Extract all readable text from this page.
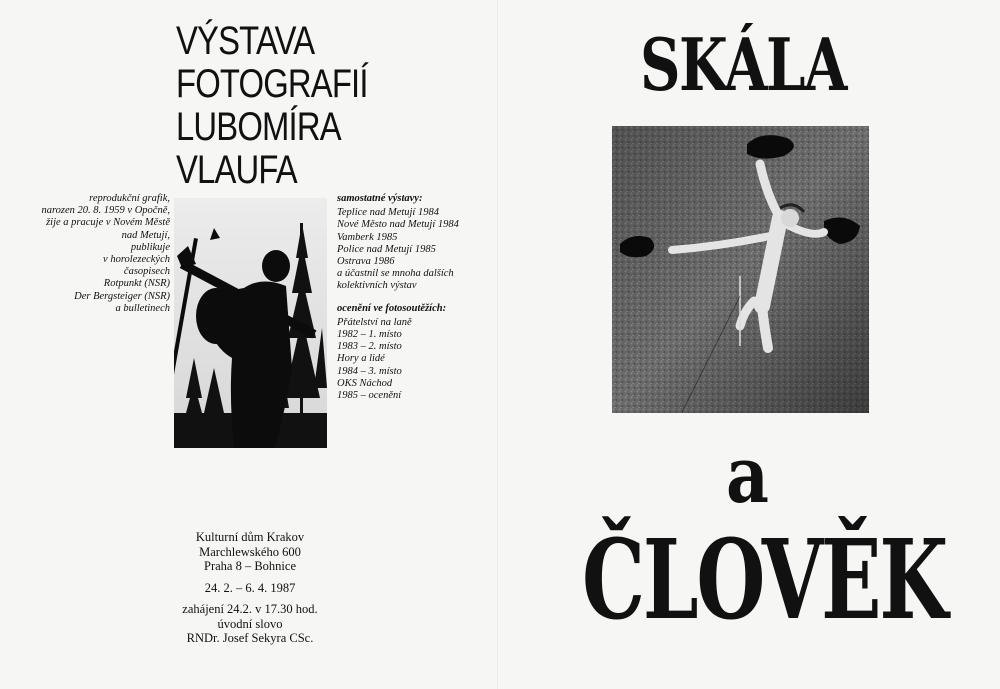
VÝSTAVA
FOTOGRAFIÍ
LUBOMÍRA
VLAUFA
reprodukční grafik,
narozen 20. 8. 1959 v Opočně,
žije a pracuje v Novém Městě
nad Metují,
publikuje
v horolezeckých
časopisech
Rotpunkt (NSR)
Der Bergsteiger (NSR)
a bulletinech
samostatné výstavy:
Teplice nad Metují 1984
Nové Město nad Metují 1984
Vamberk 1985
Police nad Metují 1985
Ostrava 1986
a účastnil se mnoha dalších
kolektivních výstav
ocenění ve fotosoutěžích:
Přátelství na laně
1982 – 1. místo
1983 – 2. místo
Hory a lidé
1984 – 3. místo
OKS Náchod
1985 – ocenění
Kulturní dům Krakov
Marchlewského 600
Praha 8 – Bohnice
24. 2. – 6. 4. 1987
zahájení 24.2. v 17.30 hod.
úvodní slovo
RNDr. Josef Sekyra CSc.
SKÁLA
a
ČLOVĚK
